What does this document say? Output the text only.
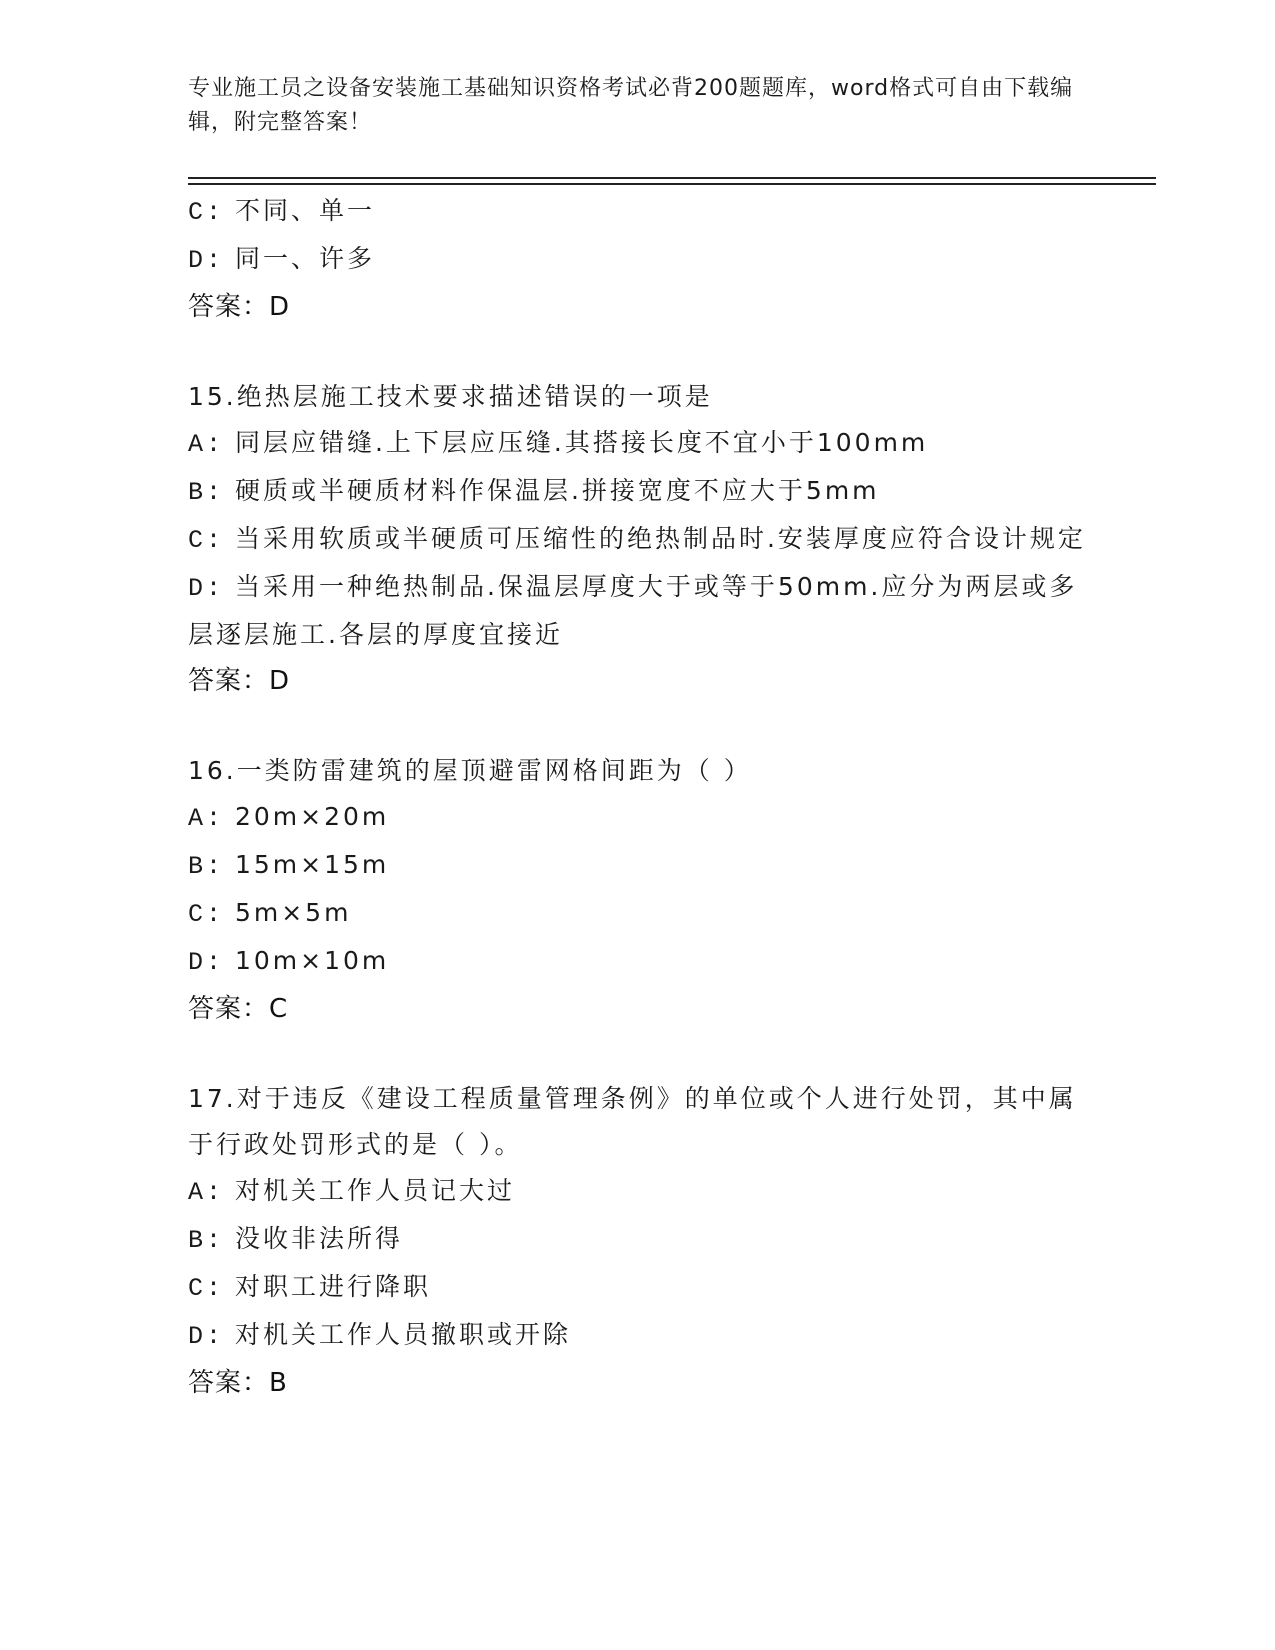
专业施工员之设备安装施工基础知识资格考试必背200题题库，word格式可自由下载编辑，附完整答案！
C: 不同、单一
D: 同一、许多
答案：D
15.绝热层施工技术要求描述错误的一项是
A: 同层应错缝.上下层应压缝.其搭接长度不宜小于100mm
B: 硬质或半硬质材料作保温层.拼接宽度不应大于5mm
C: 当采用软质或半硬质可压缩性的绝热制品时.安装厚度应符合设计规定
D: 当采用一种绝热制品.保温层厚度大于或等于50mm.应分为两层或多层逐层施工.各层的厚度宜接近
答案：D
16.一类防雷建筑的屋顶避雷网格间距为（ ）
A: 20m×20m
B: 15m×15m
C: 5m×5m
D: 10m×10m
答案：C
17.对于违反《建设工程质量管理条例》的单位或个人进行处罚，其中属于行政处罚形式的是（ ）。
A: 对机关工作人员记大过
B: 没收非法所得
C: 对职工进行降职
D: 对机关工作人员撤职或开除
答案：B
